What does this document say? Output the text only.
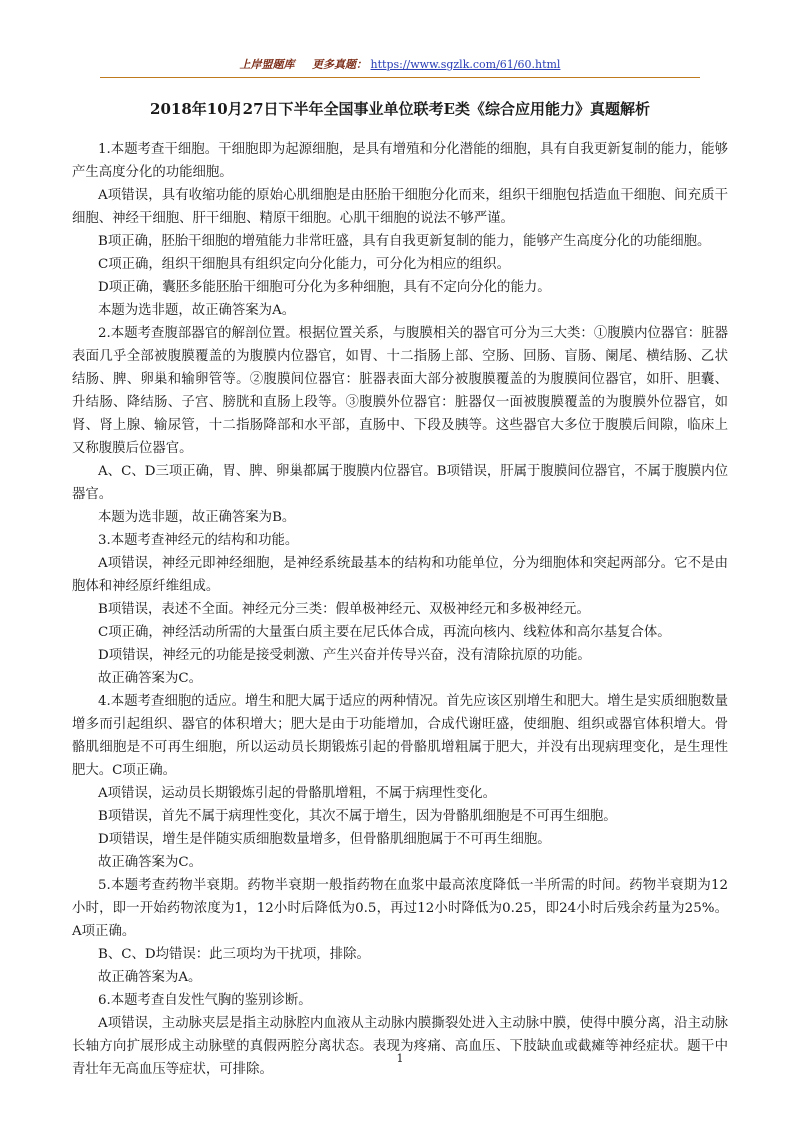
上岸盟题库 更多真题： https://www.sgzlk.com/61/60.html
2018年10月27日下半年全国事业单位联考E类《综合应用能力》真题解析

1.本题考查干细胞。干细胞即为起源细胞，是具有增殖和分化潜能的细胞，具有自我更新复制的能力，能够产生高度分化的功能细胞。

A项错误，具有收缩功能的原始心肌细胞是由胚胎干细胞分化而来，组织干细胞包括造血干细胞、间充质干细胞、神经干细胞、肝干细胞、精原干细胞。心肌干细胞的说法不够严谨。

B项正确，胚胎干细胞的增殖能力非常旺盛，具有自我更新复制的能力，能够产生高度分化的功能细胞。

C项正确，组织干细胞具有组织定向分化能力，可分化为相应的组织。

D项正确，囊胚多能胚胎干细胞可分化为多种细胞，具有不定向分化的能力。

本题为选非题，故正确答案为A。

2.本题考查腹部器官的解剖位置。根据位置关系，与腹膜相关的器官可分为三大类：①腹膜内位器官：脏器表面几乎全部被腹膜覆盖的为腹膜内位器官，如胃、十二指肠上部、空肠、回肠、盲肠、阑尾、横结肠、乙状结肠、脾、卵巢和输卵管等。②腹膜间位器官：脏器表面大部分被腹膜覆盖的为腹膜间位器官，如肝、胆囊、升结肠、降结肠、子宫、膀胱和直肠上段等。③腹膜外位器官：脏器仅一面被腹膜覆盖的为腹膜外位器官，如肾、肾上腺、输尿管，十二指肠降部和水平部，直肠中、下段及胰等。这些器官大多位于腹膜后间隙，临床上又称腹膜后位器官。

A、C、D三项正确，胃、脾、卵巢都属于腹膜内位器官。B项错误，肝属于腹膜间位器官，不属于腹膜内位器官。

本题为选非题，故正确答案为B。

3.本题考查神经元的结构和功能。

A项错误，神经元即神经细胞，是神经系统最基本的结构和功能单位，分为细胞体和突起两部分。它不是由胞体和神经原纤维组成。

B项错误，表述不全面。神经元分三类：假单极神经元、双极神经元和多极神经元。

C项正确，神经活动所需的大量蛋白质主要在尼氏体合成，再流向核内、线粒体和高尔基复合体。

D项错误，神经元的功能是接受刺激、产生兴奋并传导兴奋，没有清除抗原的功能。

故正确答案为C。

4.本题考查细胞的适应。增生和肥大属于适应的两种情况。首先应该区别增生和肥大。增生是实质细胞数量增多而引起组织、器官的体积增大；肥大是由于功能增加，合成代谢旺盛，使细胞、组织或器官体积增大。骨骼肌细胞是不可再生细胞，所以运动员长期锻炼引起的骨骼肌增粗属于肥大，并没有出现病理变化，是生理性肥大。C项正确。

A项错误，运动员长期锻炼引起的骨骼肌增粗，不属于病理性变化。

B项错误，首先不属于病理性变化，其次不属于增生，因为骨骼肌细胞是不可再生细胞。

D项错误，增生是伴随实质细胞数量增多，但骨骼肌细胞属于不可再生细胞。

故正确答案为C。

5.本题考查药物半衰期。药物半衰期一般指药物在血浆中最高浓度降低一半所需的时间。药物半衰期为12小时，即一开始药物浓度为1，12小时后降低为0.5，再过12小时降低为0.25，即24小时后残余药量为25%。A项正确。

B、C、D均错误：此三项均为干扰项，排除。

故正确答案为A。

6.本题考查自发性气胸的鉴别诊断。

A项错误，主动脉夹层是指主动脉腔内血液从主动脉内膜撕裂处进入主动脉中膜，使得中膜分离，沿主动脉长轴方向扩展形成主动脉壁的真假两腔分离状态。表现为疼痛、高血压、下肢缺血或截瘫等神经症状。题干中青壮年无高血压等症状，可排除。

1
